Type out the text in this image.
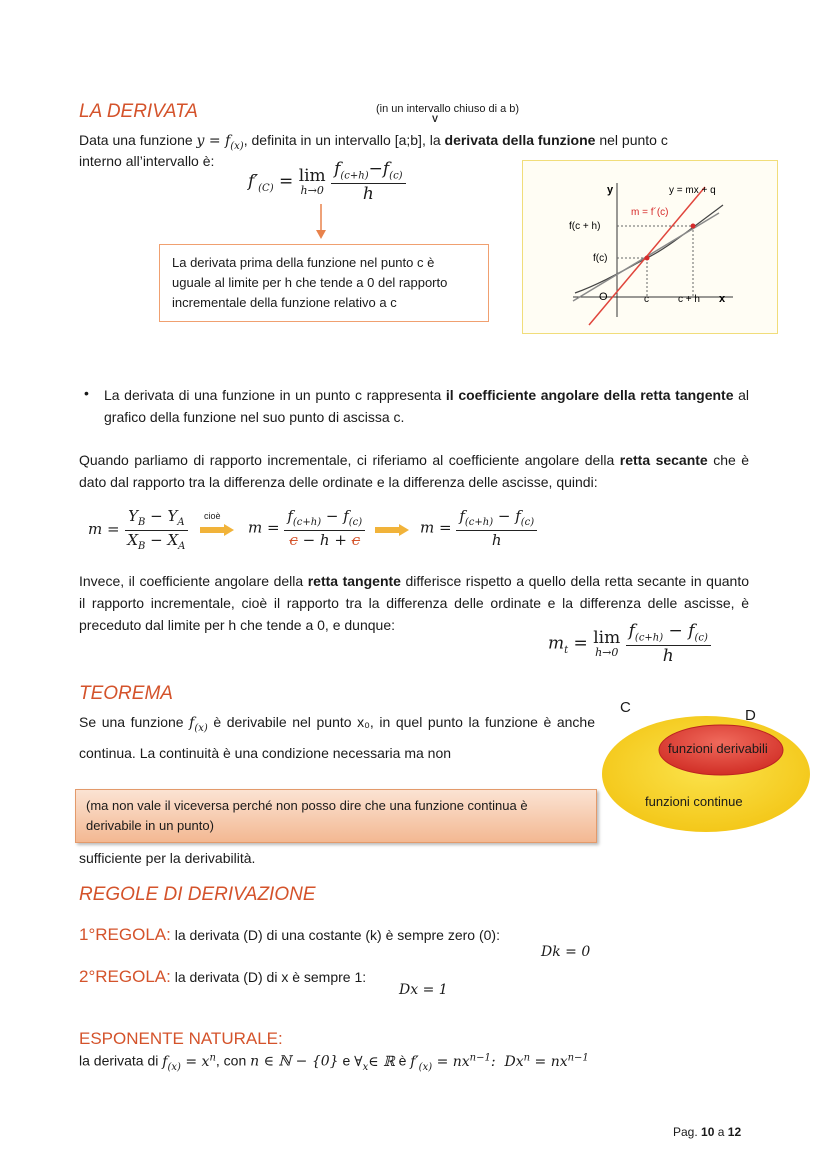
LA DERIVATA	(in un intervallo chiuso di a b)
V
Data una funzione $y = f_{(x)}$, definita in un intervallo [a;b], la derivata della funzione nel punto c
interno all’intervallo è:
$f'_{(C)} = \lim$
h→0
$\frac{f_{(c+h)}-f_{(c)}}{h}$
La derivata prima della funzione nel punto c è uguale al limite per h che tende a 0 del rapporto incrementale della funzione relativo a c
y
x
O
y = mx + q
m = f´(c)
f(c + h)
f(c)
c	c + h
• La derivata di una funzione in un punto c rappresenta il coefficiente angolare della retta tangente al grafico della funzione nel suo punto di ascissa c.
Quando parliamo di rapporto incrementale, ci riferiamo al coefficiente angolare della retta secante che è dato dal rapporto tra la differenza delle ordinate e la differenza delle ascisse, quindi:
$m = \frac{Y_B - Y_A}{X_B - X_A}$ cioè
$m = \frac{f_{(c+h)} - f_{(c)}}{c - h + c}$	$m = \frac{f_{(c+h)} - f_{(c)}}{h}$
Invece, il coefficiente angolare della retta tangente differisce rispetto a quello della retta secante in quanto il rapporto incrementale, cioè il rapporto tra la differenza delle ordinate e la differenza delle ascisse, è preceduto dal limite per h che tende a 0, e dunque:
$m_t = \lim$
h→0
$\frac{f_{(c+h)} - f_{(c)}}{h}$
TEOREMA
Se una funzione $f_{(x)}$ è derivabile nel punto x₀, in quel punto la funzione è anche continua. La continuità è una condizione necessaria ma non
(ma non vale il viceversa perché non posso dire che una funzione continua è derivabile in un punto)
sufficiente per la derivabilità.
C	D
funzioni derivabili
funzioni continue
REGOLE DI DERIVAZIONE
1°REGOLA: la derivata (D) di una costante (k) è sempre zero (0):
Dk = 0
2°REGOLA: la derivata (D) di x è sempre 1:
Dx = 1
ESPONENTE NATURALE:
la derivata di $f_{(x)} = x^n$, con n ∈ ℕ − {0} e $\forall_x\in$ ℝ è $f'_{(x)} = nx^{n-1}$:  $Dx^n = nx^{n-1}$
Pag. 10 a 12
